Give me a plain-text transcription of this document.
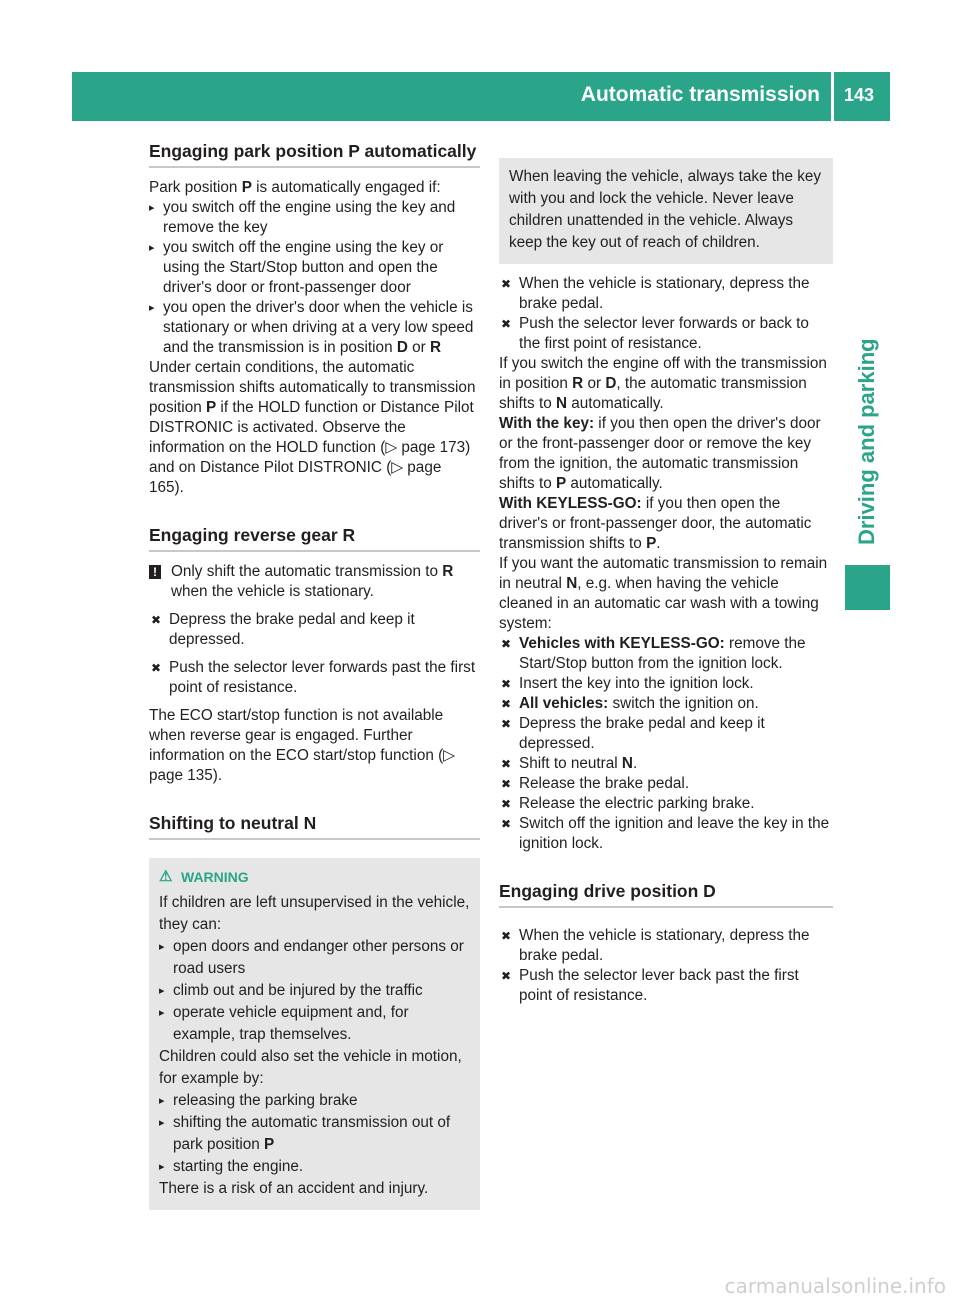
Automatic transmission 143
Driving and parking
Engaging park position P automatically

Park position P is automatically engaged if:

▸ you switch off the engine using the key and remove the key

▸ you switch off the engine using the key or using the Start/Stop button and open the driver's door or front-passenger door

▸ you open the driver's door when the vehicle is stationary or when driving at a very low speed and the transmission is in position D or R

Under certain conditions, the automatic transmission shifts automatically to transmission position P if the HOLD function or Distance Pilot DISTRONIC is activated. Observe the information on the HOLD function (▷ page 173) and on Distance Pilot DISTRONIC (▷ page 165).

Engaging reverse gear R

! Only shift the automatic transmission to R when the vehicle is stationary.

✖ Depress the brake pedal and keep it depressed.

✖ Push the selector lever forwards past the first point of resistance.

The ECO start/stop function is not available when reverse gear is engaged. Further information on the ECO start/stop function (▷ page 135).

Shifting to neutral N
⚠ WARNING

If children are left unsupervised in the vehicle, they can:

▸ open doors and endanger other persons or road users

▸ climb out and be injured by the traffic

▸ operate vehicle equipment and, for example, trap themselves.

Children could also set the vehicle in motion, for example by:

▸ releasing the parking brake

▸ shifting the automatic transmission out of park position P

▸ starting the engine.

There is a risk of an accident and injury.

When leaving the vehicle, always take the key with you and lock the vehicle. Never leave children unattended in the vehicle. Always keep the key out of reach of children.

✖ When the vehicle is stationary, depress the brake pedal.

✖ Push the selector lever forwards or back to the first point of resistance.

If you switch the engine off with the transmission in position R or D, the automatic transmission shifts to N automatically.

With the key: if you then open the driver's door or the front-passenger door or remove the key from the ignition, the automatic transmission shifts to P automatically.

With KEYLESS-GO: if you then open the driver's or front-passenger door, the automatic transmission shifts to P.

If you want the automatic transmission to remain in neutral N, e.g. when having the vehicle cleaned in an automatic car wash with a towing system:

✖ Vehicles with KEYLESS-GO: remove the Start/Stop button from the ignition lock.

✖ Insert the key into the ignition lock.

✖ All vehicles: switch the ignition on.

✖ Depress the brake pedal and keep it depressed.

✖ Shift to neutral N.

✖ Release the brake pedal.

✖ Release the electric parking brake.

✖ Switch off the ignition and leave the key in the ignition lock.

Engaging drive position D

✖ When the vehicle is stationary, depress the brake pedal.

✖ Push the selector lever back past the first point of resistance.

carmanualsonline.info
